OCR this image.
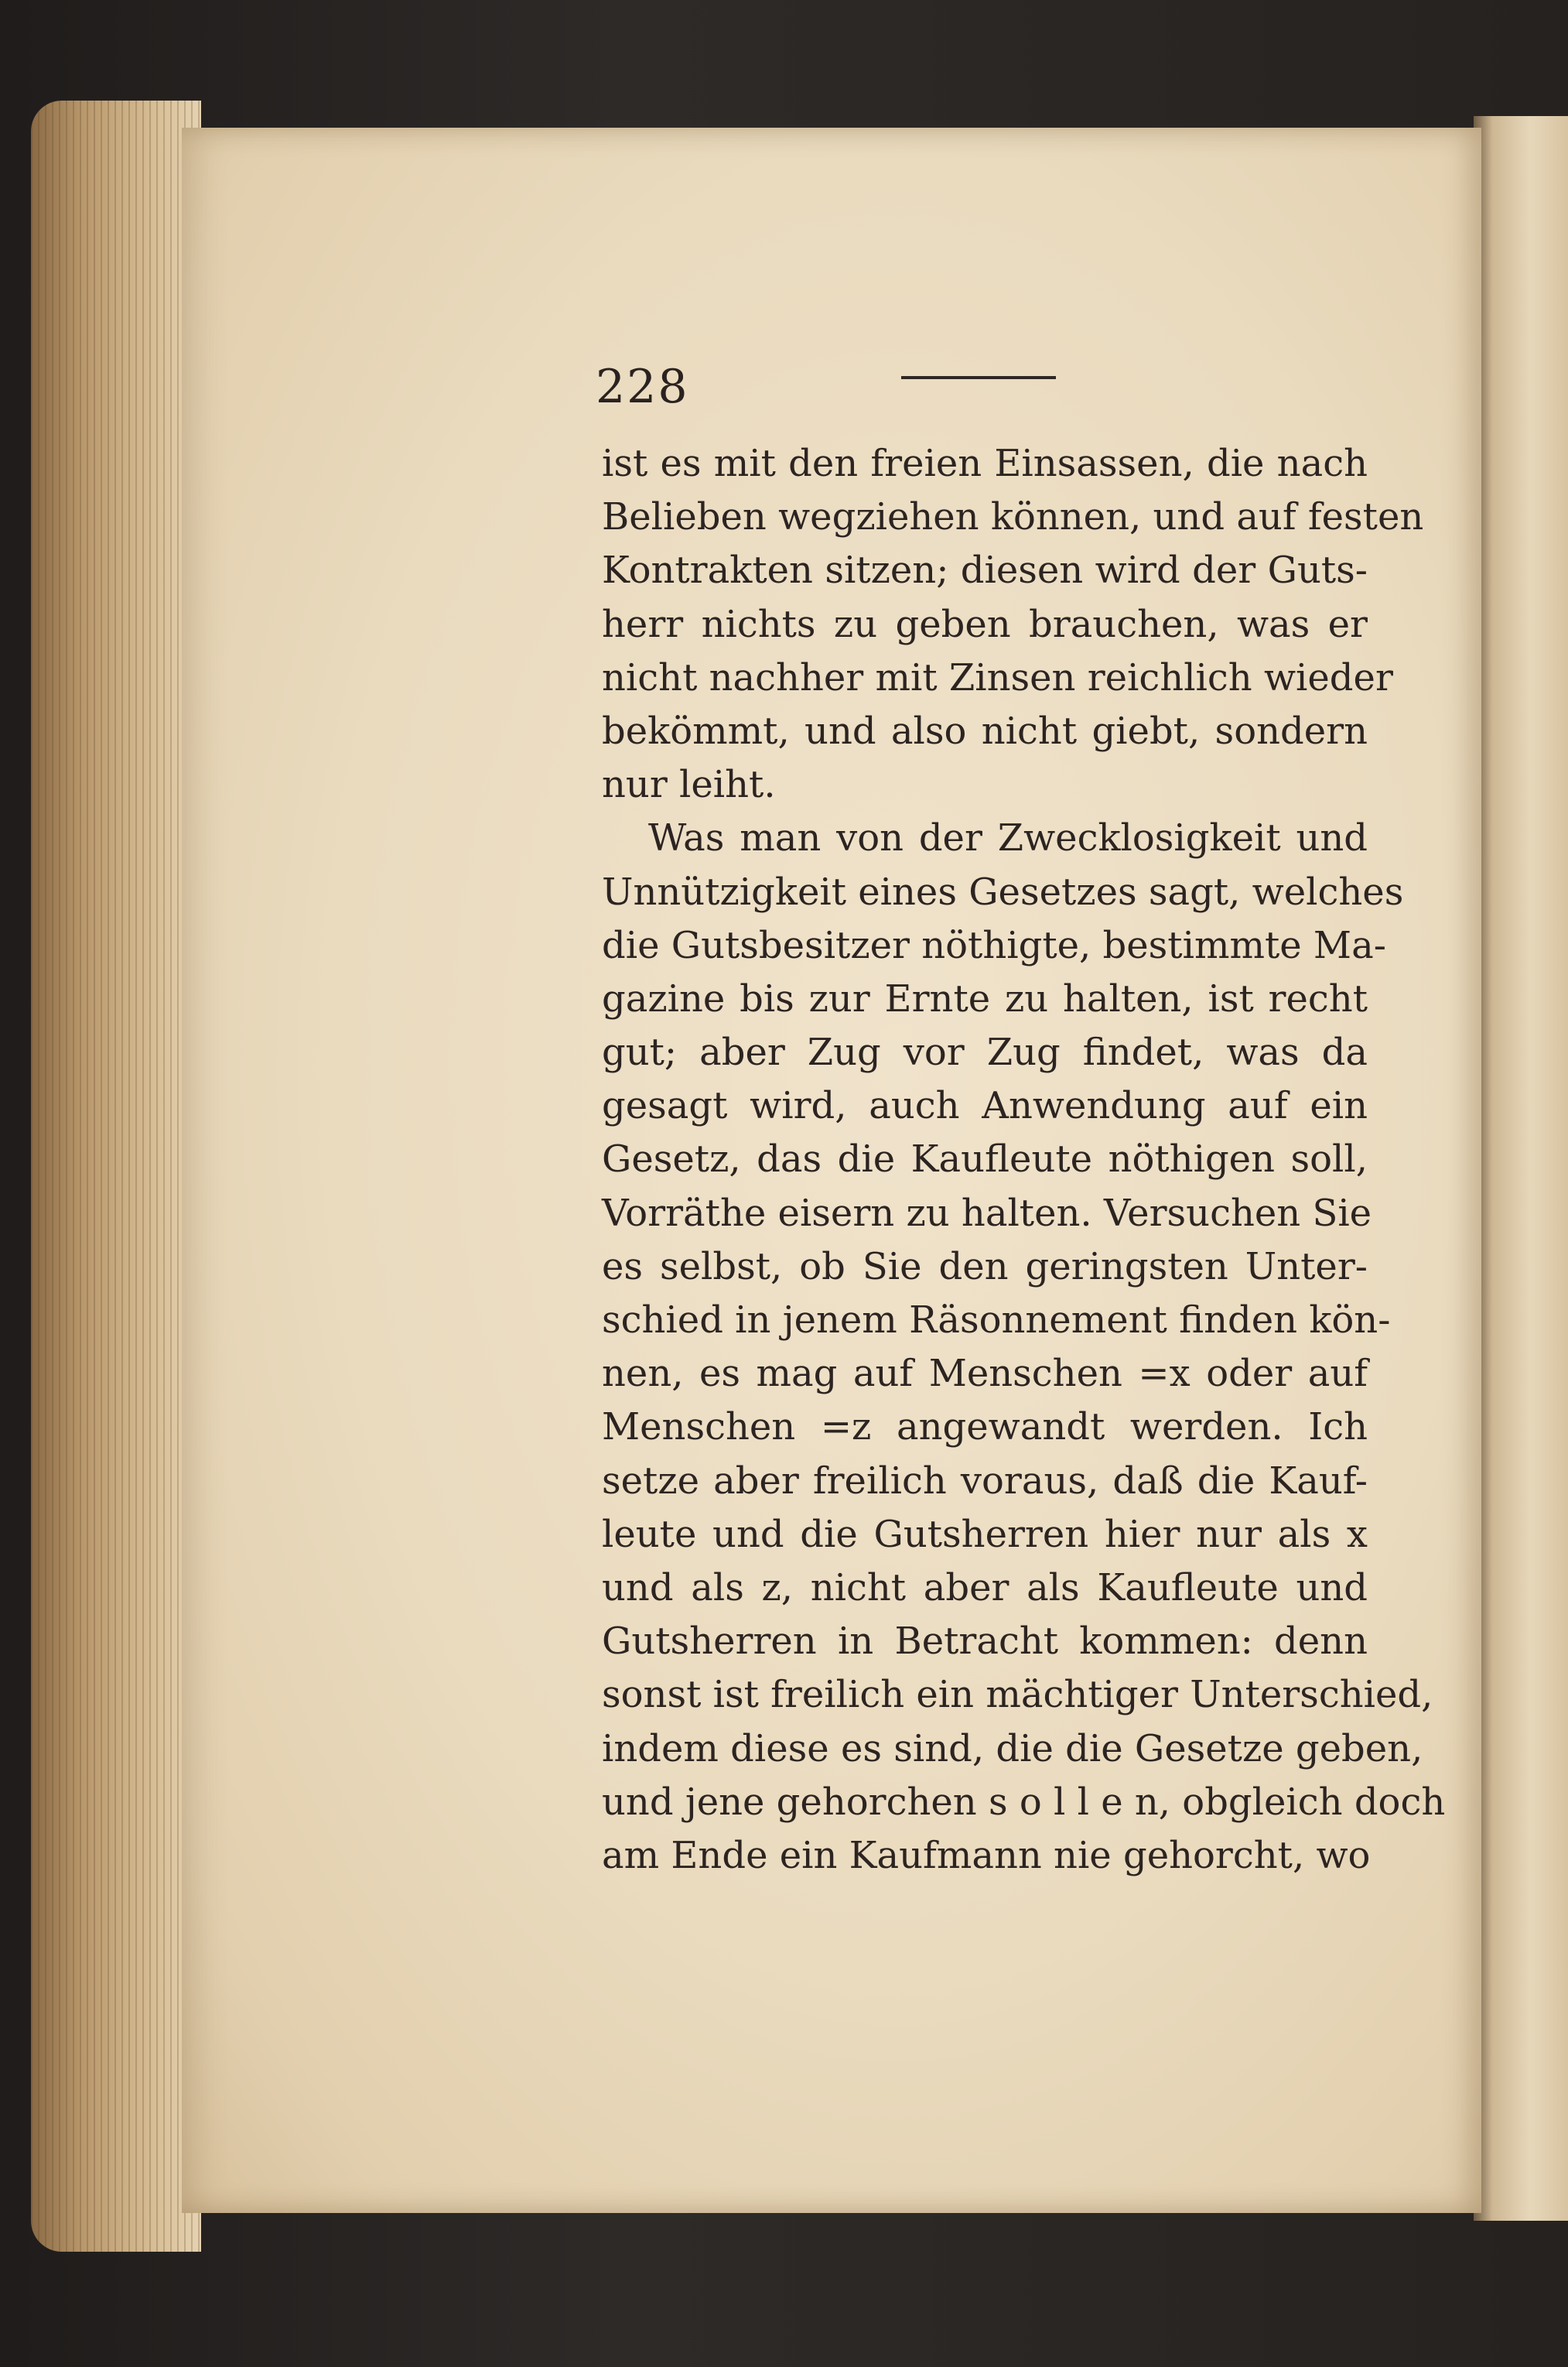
228
ist es mit den freien Einsassen, die nach
Belieben wegziehen können, und auf festen
Kontrakten sitzen; diesen wird der Guts-
herr nichts zu geben brauchen, was er
nicht nachher mit Zinsen reichlich wieder
bekömmt, und also nicht giebt, sondern
nur leiht.
Was man von der Zwecklosigkeit und
Unnützigkeit eines Gesetzes sagt, welches
die Gutsbesitzer nöthigte, bestimmte Ma-
gazine bis zur Ernte zu halten, ist recht
gut; aber Zug vor Zug findet, was da
gesagt wird, auch Anwendung auf ein
Gesetz, das die Kaufleute nöthigen soll,
Vorräthe eisern zu halten. Versuchen Sie
es selbst, ob Sie den geringsten Unter-
schied in jenem Räsonnement finden kön-
nen, es mag auf Menschen =x oder auf
Menschen =z angewandt werden. Ich
setze aber freilich voraus, daß die Kauf-
leute und die Gutsherren hier nur als x
und als z, nicht aber als Kaufleute und
Gutsherren in Betracht kommen: denn
sonst ist freilich ein mächtiger Unterschied,
indem diese es sind, die die Gesetze geben,
und jene gehorchen s o l l e n, obgleich doch
am Ende ein Kaufmann nie gehorcht, wo
